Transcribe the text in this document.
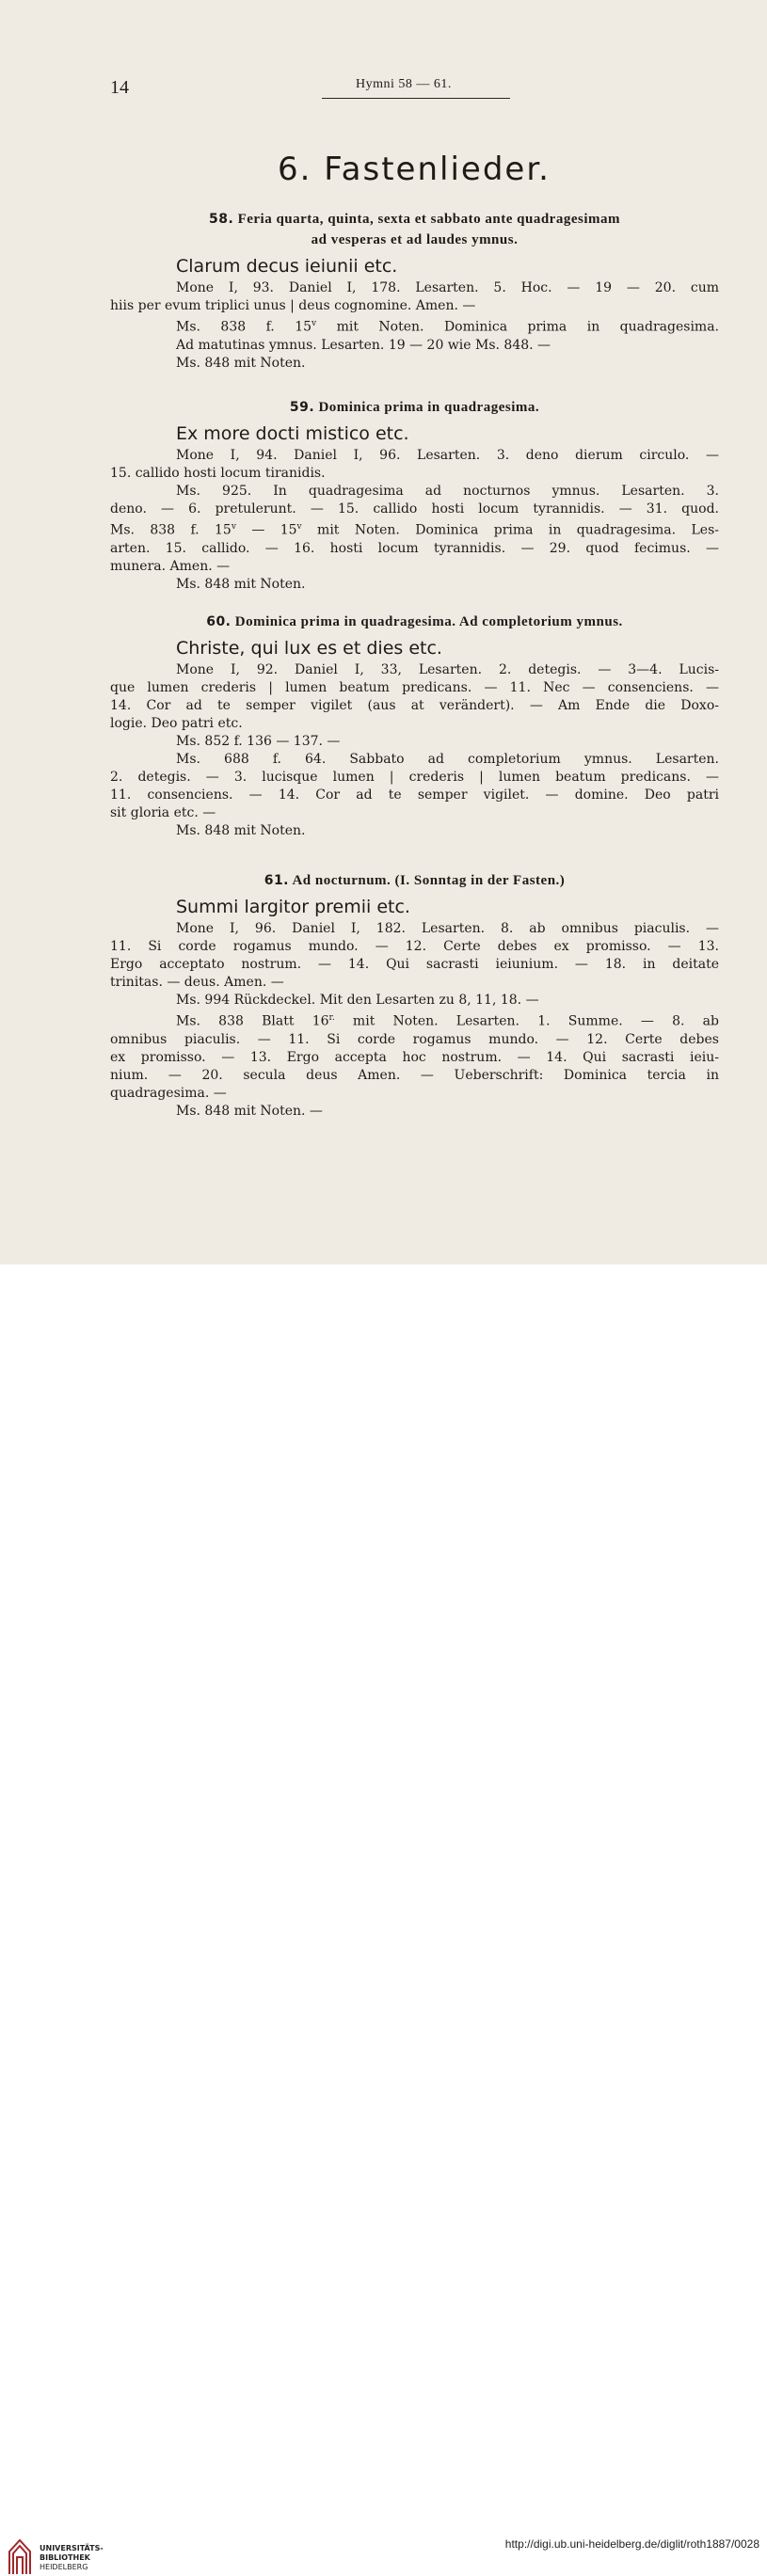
14	Hymni 58 — 61.
6. Fastenlieder.
58. Feria quarta, quinta, sexta et sabbato ante quadragesimam
ad vesperas et ad laudes ymnus.
Clarum decus ieiunii etc.
Mone I, 93. Daniel I, 178. Lesarten. 5. Hoc. — 19 — 20. cum
hiis per evum triplici unus | deus cognomine. Amen. —
Ms. 838 f. 15$^v$ mit Noten. Dominica prima in quadragesima.
Ad matutinas ymnus. Lesarten. 19 — 20 wie Ms. 848. —
Ms. 848 mit Noten.
59. Dominica prima in quadragesima.
Ex more docti mistico etc.
Mone I, 94. Daniel I, 96. Lesarten. 3. deno dierum circulo. —
15. callido hosti locum tiranidis.
Ms. 925. In quadragesima ad nocturnos ymnus. Lesarten. 3.
deno. — 6. pretulerunt. — 15. callido hosti locum tyrannidis. — 31. quod.
Ms. 838 f. 15$^v$ — 15$^v$ mit Noten. Dominica prima in quadragesima. Les-
arten. 15. callido. — 16. hosti locum tyrannidis. — 29. quod fecimus. —
munera. Amen. —
Ms. 848 mit Noten.
60. Dominica prima in quadragesima. Ad completorium ymnus.
Christe, qui lux es et dies etc.
Mone I, 92. Daniel I, 33, Lesarten. 2. detegis. — 3—4. Lucis-
que lumen crederis | lumen beatum predicans. — 11. Nec — consenciens. —
14. Cor ad te semper vigilet (aus at verändert). — Am Ende die Doxo-
logie. Deo patri etc.
Ms. 852 f. 136 — 137. —
Ms. 688 f. 64. Sabbato ad completorium ymnus. Lesarten.
2. detegis. — 3. lucisque lumen | crederis | lumen beatum predicans. —
11. consenciens. — 14. Cor ad te semper vigilet. — domine. Deo patri
sit gloria etc. —
Ms. 848 mit Noten.
61. Ad nocturnum. (I. Sonntag in der Fasten.)
Summi largitor premii etc.
Mone I, 96. Daniel I, 182. Lesarten. 8. ab omnibus piaculis. —
11. Si corde rogamus mundo. — 12. Certe debes ex promisso. — 13.
Ergo acceptato nostrum. — 14. Qui sacrasti ieiunium. — 18. in deitate
trinitas. — deus. Amen. —
Ms. 994 Rückdeckel. Mit den Lesarten zu 8, 11, 18. —
Ms. 838 Blatt $16^{r.}$ mit Noten. Lesarten. 1. Summe. — 8. ab
omnibus piaculis. — 11. Si corde rogamus mundo. — 12. Certe debes
ex promisso. — 13. Ergo accepta hoc nostrum. — 14. Qui sacrasti ieiu-
nium. — 20. secula deus Amen. — Ueberschrift: Dominica tercia in
quadragesima. —
Ms. 848 mit Noten. —
UNIVERSITÄTS-
BIBLIOTHEK
HEIDELBERG
http://digi.ub.uni-heidelberg.de/diglit/roth1887/0028
